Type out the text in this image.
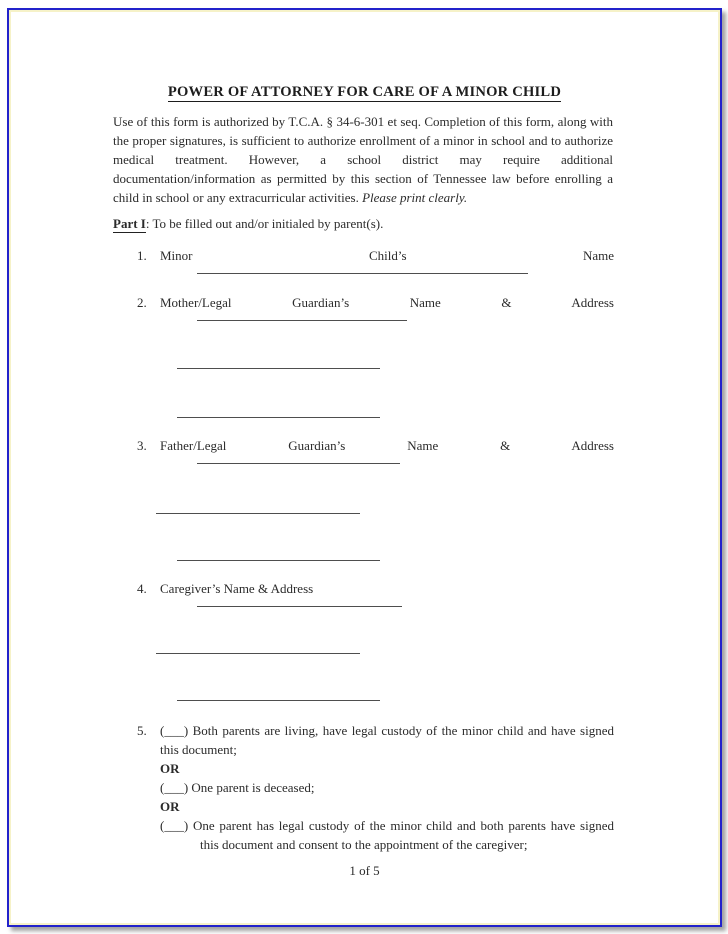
POWER OF ATTORNEY FOR CARE OF A MINOR CHILD

Use of this form is authorized by T.C.A. § 34-6-301 et seq. Completion of this form, along with the proper signatures, is sufficient to authorize enrollment of a minor in school and to authorize medical treatment. However, a school district may require additional documentation/information as permitted by this section of Tennessee law before enrolling a child in school or any extracurricular activities. Please print clearly.

Part I: To be filled out and/or initialed by parent(s).

1.	Minor Child’s Name
2.	Mother/Legal Guardian’s Name & Address
3.	Father/Legal Guardian’s Name & Address
4.	Caregiver’s Name & Address
5.	(___) Both parents are living, have legal custody of the minor child and have signed this document;
OR
(___) One parent is deceased;
OR
(___) One parent has legal custody of the minor child and both parents have signed this document and consent to the appointment of the caregiver;

1 of 5
